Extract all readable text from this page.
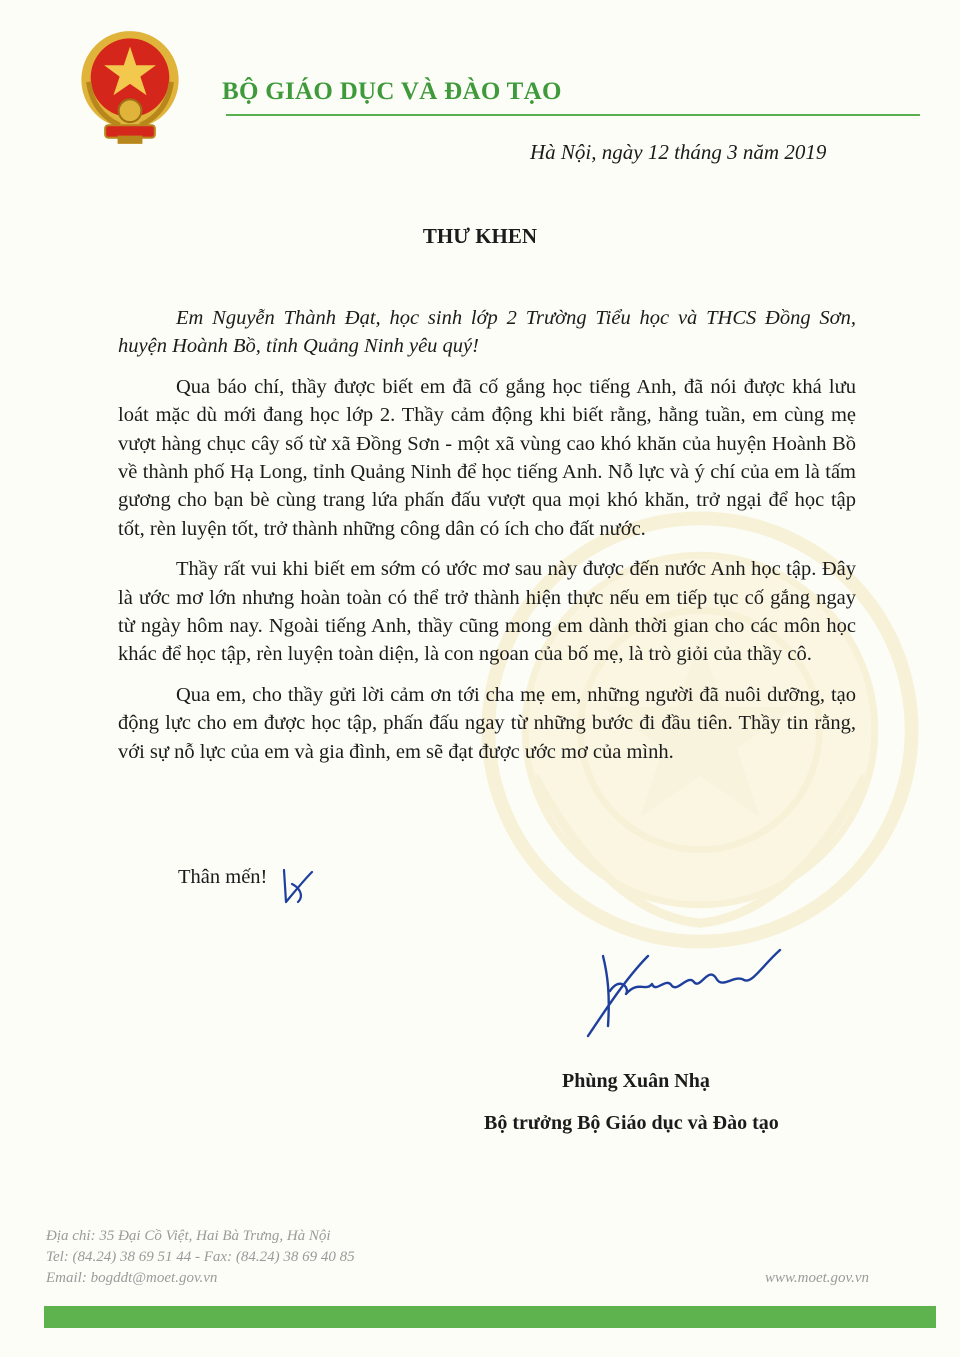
BỘ GIÁO DỤC VÀ ĐÀO TẠO
Hà Nội, ngày 12 tháng 3 năm 2019
THƯ KHEN

Em Nguyễn Thành Đạt, học sinh lớp 2 Trường Tiểu học và THCS Đồng Sơn, huyện Hoành Bồ, tỉnh Quảng Ninh yêu quý!

Qua báo chí, thầy được biết em đã cố gắng học tiếng Anh, đã nói được khá lưu loát mặc dù mới đang học lớp 2. Thầy cảm động khi biết rằng, hằng tuần, em cùng mẹ vượt hàng chục cây số từ xã Đồng Sơn - một xã vùng cao khó khăn của huyện Hoành Bồ về thành phố Hạ Long, tỉnh Quảng Ninh để học tiếng Anh. Nỗ lực và ý chí của em là tấm gương cho bạn bè cùng trang lứa phấn đấu vượt qua mọi khó khăn, trở ngại để học tập tốt, rèn luyện tốt, trở thành những công dân có ích cho đất nước.

Thầy rất vui khi biết em sớm có ước mơ sau này được đến nước Anh học tập. Đây là ước mơ lớn nhưng hoàn toàn có thể trở thành hiện thực nếu em tiếp tục cố gắng ngay từ ngày hôm nay. Ngoài tiếng Anh, thầy cũng mong em dành thời gian cho các môn học khác để học tập, rèn luyện toàn diện, là con ngoan của bố mẹ, là trò giỏi của thầy cô.

Qua em, cho thầy gửi lời cảm ơn tới cha mẹ em, những người đã nuôi dưỡng, tạo động lực cho em được học tập, phấn đấu ngay từ những bước đi đầu tiên. Thầy tin rằng, với sự nỗ lực của em và gia đình, em sẽ đạt được ước mơ của mình.

Thân mến!
Phùng Xuân Nhạ
Bộ trưởng Bộ Giáo dục và Đào tạo
Địa chỉ: 35 Đại Cồ Việt, Hai Bà Trưng, Hà Nội
Tel: (84.24) 38 69 51 44 - Fax: (84.24) 38 69 40 85
Email: bogddt@moet.gov.vn	www.moet.gov.vn
